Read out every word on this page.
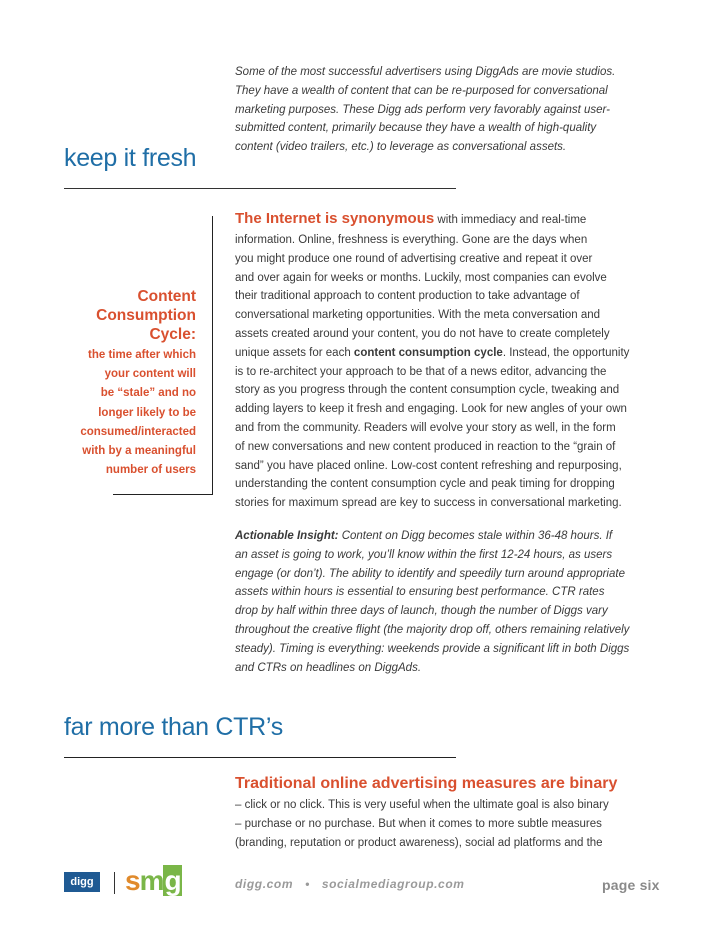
Some of the most successful advertisers using DiggAds are movie studios.
They have a wealth of content that can be re-purposed for conversational
marketing purposes. These Digg ads perform very favorably against user-
submitted content, primarily because they have a wealth of high-quality
content (video trailers, etc.) to leverage as conversational assets.
keep it fresh
The Internet is synonymous with immediacy and real-time
information. Online, freshness is everything. Gone are the days when
you might produce one round of advertising creative and repeat it over
and over again for weeks or months. Luckily, most companies can evolve
their traditional approach to content production to take advantage of
conversational marketing opportunities. With the meta conversation and
assets created around your content, you do not have to create completely
unique assets for each content consumption cycle. Instead, the opportunity
is to re-architect your approach to be that of a news editor, advancing the
story as you progress through the content consumption cycle, tweaking and
adding layers to keep it fresh and engaging. Look for new angles of your own
and from the community. Readers will evolve your story as well, in the form
of new conversations and new content produced in reaction to the “grain of
sand” you have placed online. Low-cost content refreshing and repurposing,
understanding the content consumption cycle and peak timing for dropping
stories for maximum spread are key to success in conversational marketing.
Actionable Insight: Content on Digg becomes stale within 36-48 hours. If
an asset is going to work, you’ll know within the first 12-24 hours, as users
engage (or don’t). The ability to identify and speedily turn around appropriate
assets within hours is essential to ensuring best performance. CTR rates
drop by half within three days of launch, though the number of Diggs vary
throughout the creative flight (the majority drop off, others remaining relatively
steady). Timing is everything: weekends provide a significant lift in both Diggs
and CTRs on headlines on DiggAds.
Content
Consumption
Cycle:
the time after which
your content will
be “stale” and no
longer likely to be
consumed/interacted
with by a meaningful
number of users
far more than CTR’s
Traditional online advertising measures are binary
– click or no click. This is very useful when the ultimate goal is also binary
– purchase or no purchase. But when it comes to more subtle measures
(branding, reputation or product awareness), social ad platforms and the
digg smg	digg.com • socialmediagroup.com	page six
